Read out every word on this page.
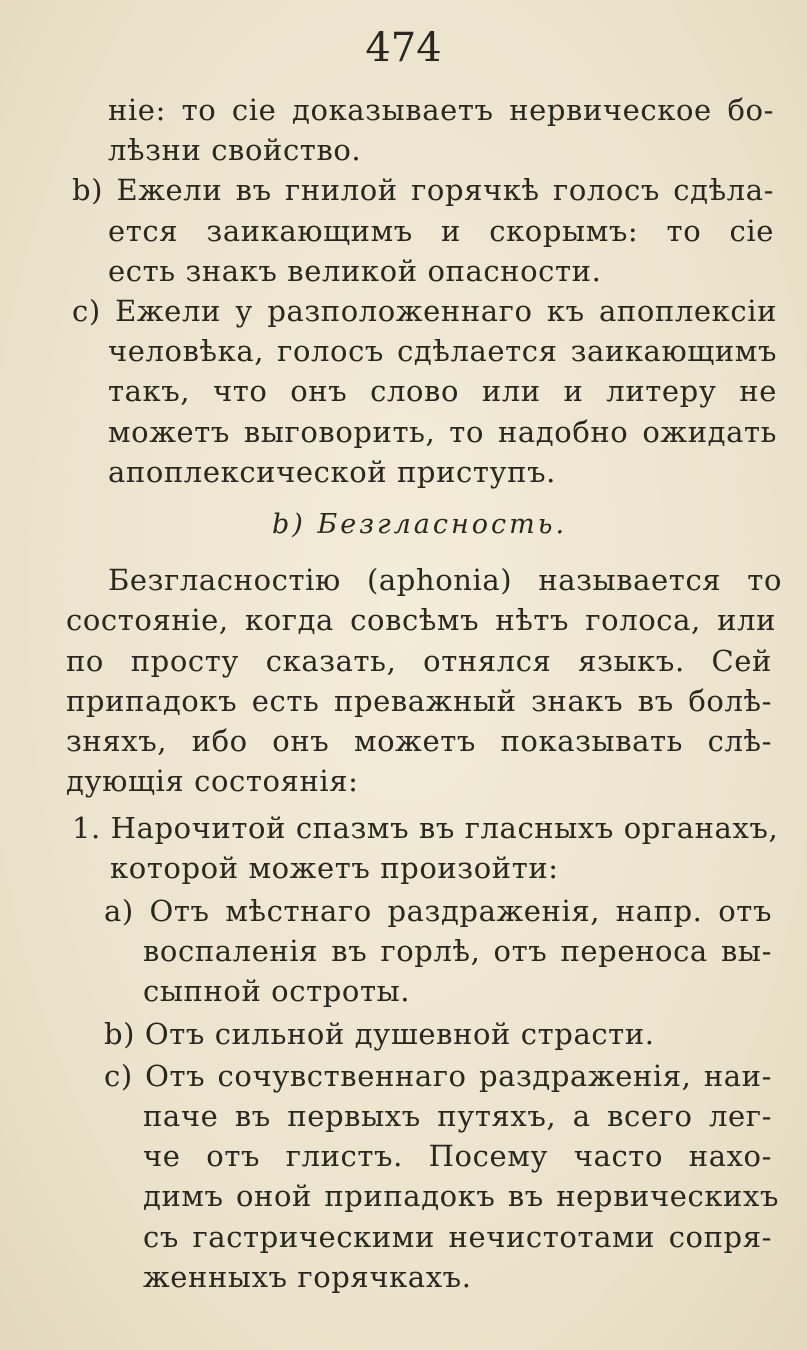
474
ніе: то сіе доказываетъ нервическое бо-
лѣзни свойство.
b) Ежели въ гнилой горячкѣ голосъ сдѣла-
ется заикающимъ и скорымъ: то сіе
есть знакъ великой опасности.
c) Ежели у разположеннаго къ апоплексіи
человѣка, голосъ сдѣлается заикающимъ
такъ, что онъ слово или и литеру не
можетъ выговорить, то надобно ожидать
апоплексической приступъ.
b) Безгласность.
Безгласностію (aphonia) называется то
состояніе, когда совсѣмъ нѣтъ голоса, или
по просту сказать, отнялся языкъ. Сей
припадокъ есть преважный знакъ въ болѣ-
зняхъ, ибо онъ можетъ показывать слѣ-
дующія состоянія:
1. Нарочитой спазмъ въ гласныхъ органахъ,
которой можетъ произойти:
a) Отъ мѣстнаго раздраженія, напр. отъ
воспаленія въ горлѣ, отъ переноса вы-
сыпной остроты.
b) Отъ сильной душевной страсти.
c) Отъ сочувственнаго раздраженія, наи-
паче въ первыхъ путяхъ, а всего лег-
че отъ глистъ. Посему часто нахо-
димъ оной припадокъ въ нервическихъ
съ гастрическими нечистотами сопря-
женныхъ горячкахъ.
